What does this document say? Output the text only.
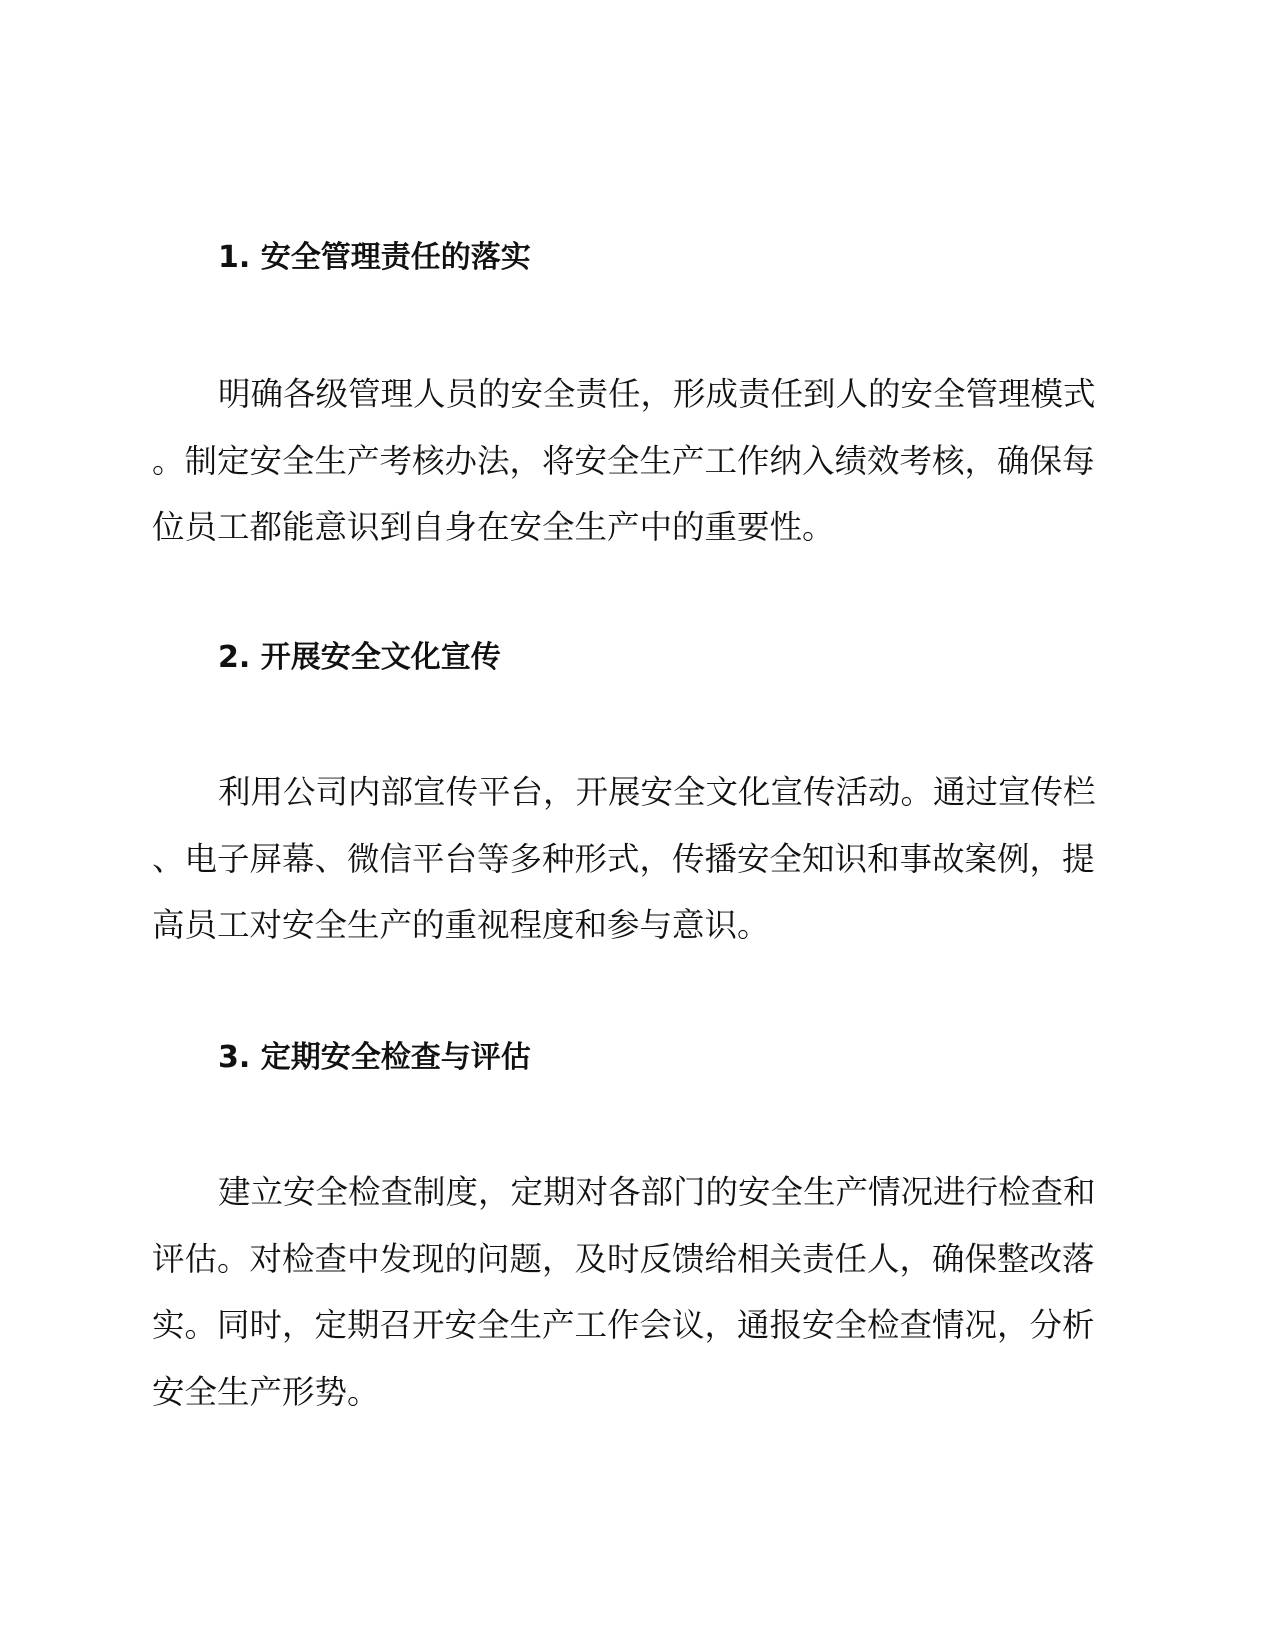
1. 安全管理责任的落实
明确各级管理人员的安全责任，形成责任到人的安全管理模式
。制定安全生产考核办法，将安全生产工作纳入绩效考核，确保每
位员工都能意识到自身在安全生产中的重要性。
2. 开展安全文化宣传
利用公司内部宣传平台，开展安全文化宣传活动。通过宣传栏
、电子屏幕、微信平台等多种形式，传播安全知识和事故案例，提
高员工对安全生产的重视程度和参与意识。
3. 定期安全检查与评估
建立安全检查制度，定期对各部门的安全生产情况进行检查和
评估。对检查中发现的问题，及时反馈给相关责任人，确保整改落
实。同时，定期召开安全生产工作会议，通报安全检查情况，分析
安全生产形势。
